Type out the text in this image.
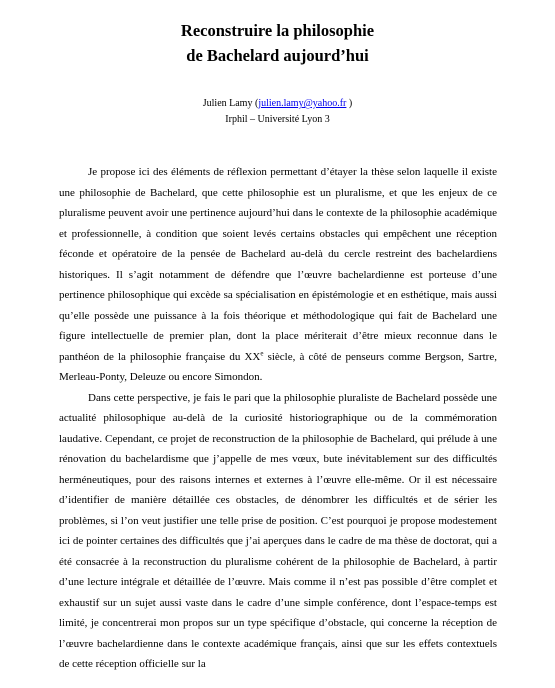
Reconstruire la philosophie
de Bachelard aujourd’hui
Julien Lamy (julien.lamy@yahoo.fr )
Irphil – Université Lyon 3

Je propose ici des éléments de réflexion permettant d’étayer la thèse selon laquelle il existe une philosophie de Bachelard, que cette philosophie est un pluralisme, et que les enjeux de ce pluralisme peuvent avoir une pertinence aujourd’hui dans le contexte de la philosophie académique et professionnelle, à condition que soient levés certains obstacles qui empêchent une réception féconde et opératoire de la pensée de Bachelard au-delà du cercle restreint des bachelardiens historiques. Il s’agit notamment de défendre que l’œuvre bachelardienne est porteuse d’une pertinence philosophique qui excède sa spécialisation en épistémologie et en esthétique, mais aussi qu’elle possède une puissance à la fois théorique et méthodologique qui fait de Bachelard une figure intellectuelle de premier plan, dont la place mériterait d’être mieux reconnue dans le panthéon de la philosophie française du XXe siècle, à côté de penseurs comme Bergson, Sartre, Merleau-Ponty, Deleuze ou encore Simondon.

Dans cette perspective, je fais le pari que la philosophie pluraliste de Bachelard possède une actualité philosophique au-delà de la curiosité historiographique ou de la commémoration laudative. Cependant, ce projet de reconstruction de la philosophie de Bachelard, qui prélude à une rénovation du bachelardisme que j’appelle de mes vœux, bute inévitablement sur des difficultés herméneutiques, pour des raisons internes et externes à l’œuvre elle-même. Or il est nécessaire d’identifier de manière détaillée ces obstacles, de dénombrer les difficultés et de sérier les problèmes, si l’on veut justifier une telle prise de position. C’est pourquoi je propose modestement ici de pointer certaines des difficultés que j’ai aperçues dans le cadre de ma thèse de doctorat, qui a été consacrée à la reconstruction du pluralisme cohérent de la philosophie de Bachelard, à partir d’une lecture intégrale et détaillée de l’œuvre. Mais comme il n’est pas possible d’être complet et exhaustif sur un sujet aussi vaste dans le cadre d’une simple conférence, dont l’espace-temps est limité, je concentrerai mon propos sur un type spécifique d’obstacle, qui concerne la réception de l’œuvre bachelardienne dans le contexte académique français, ainsi que sur les effets contextuels de cette réception officielle sur la
